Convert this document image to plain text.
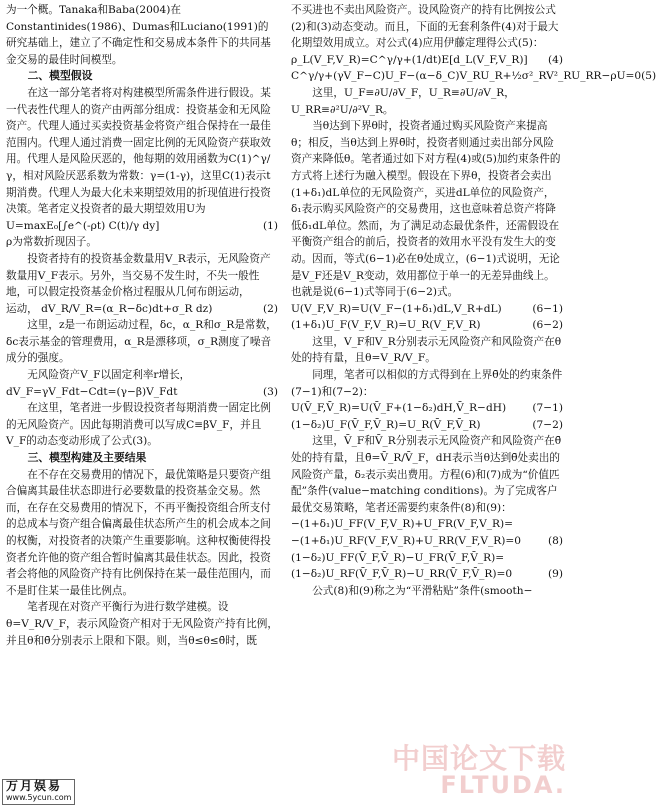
为一个概。Tanaka和Baba(2004)在Constantinides(1986)、Dumas和Luciano(1991)的研究基础上，建立了不确定性和交易成本条件下的共同基金交易的最佳时间模型。

二、模型假设

在这一部分笔者将对构建模型所需条件进行假设。某一代表性代理人的资产由两部分组成：投资基金和无风险资产。代理人通过买卖投资基金将资产组合保持在一最佳范围内。代理人通过消费一固定比例的无风险资产获取效用。代理人是风险厌恶的，他每期的效用函数为C(1)^γ/γ，相对风险厌恶系数为常数：γ=(1-γ)，这里C(1)表示t期消费。代理人为最大化未来期望效用的折现值进行投资决策。笔者定义投资者的最大期望效用U为

U=maxE₀[∫e^(-ρt) C(t)/γ dy]	(1)

ρ为常数折现因子。

投资者持有的投资基金数量用V_R表示，无风险资产数量用V_F表示。另外，当交易不发生时，不失一般性地，可以假定投资基金价格过程服从几何布朗运动，

运动， dV_R/V_R=(α_R−δc)dt+σ_R dz)	(2)

这里，z是一布朗运动过程，δc，α_R和σ_R是常数，δc表示基金的管理费用，α_R是漂移项，σ_R测度了噪音成分的强度。

无风险资产V_F以固定利率r增长，

dV_F=γV_Fdt−Cdt=(γ−β)V_Fdt	(3)

在这里，笔者进一步假设投资者每期消费一固定比例的无风险资产。因此每期消费可以写成C≡βV_F，并且V_F的动态变动形成了公式(3)。

三、模型构建及主要结果

在不存在交易费用的情况下，最优策略是只要资产组合偏离其最佳状态即进行必要数量的投资基金交易。然而，在存在交易费用的情况下，不再平衡投资组合所支付的总成本与资产组合偏离最佳状态所产生的机会成本之间的权衡，对投资者的决策产生重要影响。这种权衡使得投资者允许他的资产组合暂时偏离其最佳状态。因此，投资者会将他的风险资产持有比例保持在某一最佳范围内，而不是盯住某一最佳比例点。

笔者现在对资产平衡行为进行数学建模。设θ=V_R/V_F，表示风险资产相对于无风险资产持有比例，并且θ和θ̄分别表示上限和下限。则，当θ≤θ≤θ̄时，既

不买进也不卖出风险资产。设风险资产的持有比例按公式(2)和(3)动态变动。而且，下面的无套利条件(4)对于最大化期望效用成立。对公式(4)应用伊藤定理得公式(5)：

ρ_L(V_F,V_R)=C^γ/γ+(1/dt)E[d_L(V_F,V_R)] (4)
C^γ/γ+(γV_F−C)U_F−(α−δ_C)V_RU_R+½σ²_RV²_RU_RR−ρU=0 (5)

这里，U_F≡∂U/∂V_F，U_R≡∂U/∂V_R，U_RR≡∂²U/∂²V_R。

当θ达到下界θ时，投资者通过购买风险资产来提高θ；相反，当θ达到上界θ̄时，投资者则通过卖出部分风险资产来降低θ。笔者通过如下对方程(4)或(5)加约束条件的方式将上述行为融入模型。假设在下界θ，投资者会卖出(1+δ₁)dL单位的无风险资产，买进dL单位的风险资产，δ₁表示购买风险资产的交易费用，这也意味着总资产将降低δ₁dL单位。然而，为了满足动态最优条件，还需假设在平衡资产组合的前后，投资者的效用水平没有发生大的变动。因而，等式(6−1)必在θ处成立，(6−1)式说明，无论是V_F还是V_R变动，效用都位于单一的无差异曲线上。也就是说(6−1)式等同于(6−2)式。

U(V_F,V_R)=U(V_F−(1+δ₁)dL,V_R+dL)	(6−1)
(1+δ₁)U_F(V_F,V_R)=U_R(V_F,V_R)	(6−2)

这里，V_F和V_R分别表示无风险资产和风险资产在θ处的持有量，且θ=V_R/V_F。

同理，笔者可以相似的方式得到在上界θ̄处的约束条件(7−1)和(7−2)：

U(V̄_F,V̄_R)=U(V̄_F+(1−δ₂)dH,V̄_R−dH) (7−1)
(1−δ₂)U_F(V̄_F,V̄_R)=U_R(V̄_F,V̄_R)	(7−2)

这里，V̄_F和V̄_R分别表示无风险资产和风险资产在θ̄处的持有量，且θ̄=V̄_R/V̄_F，dH表示当θ达到θ̄处卖出的风险资产量，δ₂表示卖出费用。方程(6)和(7)成为“价值匹配”条件(value−matching conditions)。为了完成客户最优交易策略，笔者还需要约束条件(8)和(9)：

−(1+δ₁)U_FF(V_F,V_R)+U_FR(V_F,V_R)=
−(1+δ₁)U_RF(V_F,V_R)+U_RR(V_F,V_R)=0	(8)
(1−δ₂)U_FF(V̄_F,V̄_R)−U_FR(V̄_F,V̄_R)=
(1−δ₂)U_RF(V̄_F,V̄_R)−U_RR(V̄_F,V̄_R)=0	(9)

公式(8)和(9)称之为“平滑粘贴”条件(smooth−

中国论文下载
FLTUDA.
万月娱易
www.5ycun.com
